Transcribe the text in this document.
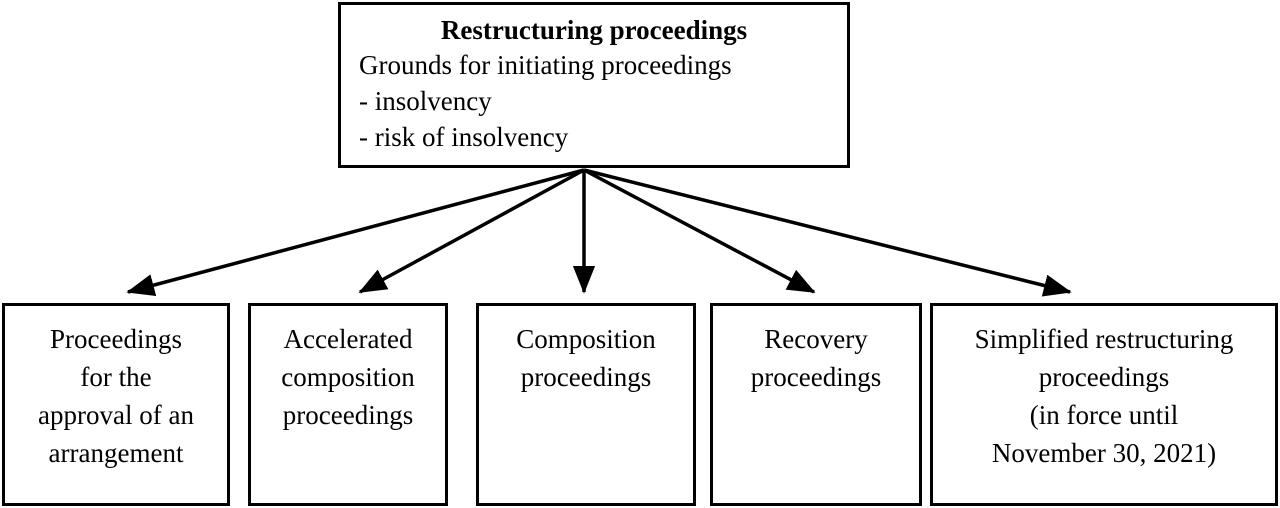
Restructuring proceedings
Grounds for initiating proceedings
- insolvency
- risk of insolvency
Proceedings
for the
approval of an
arrangement
Accelerated
composition
proceedings
Composition
proceedings
Recovery
proceedings
Simplified restructuring
proceedings
(in force until
November 30, 2021)
